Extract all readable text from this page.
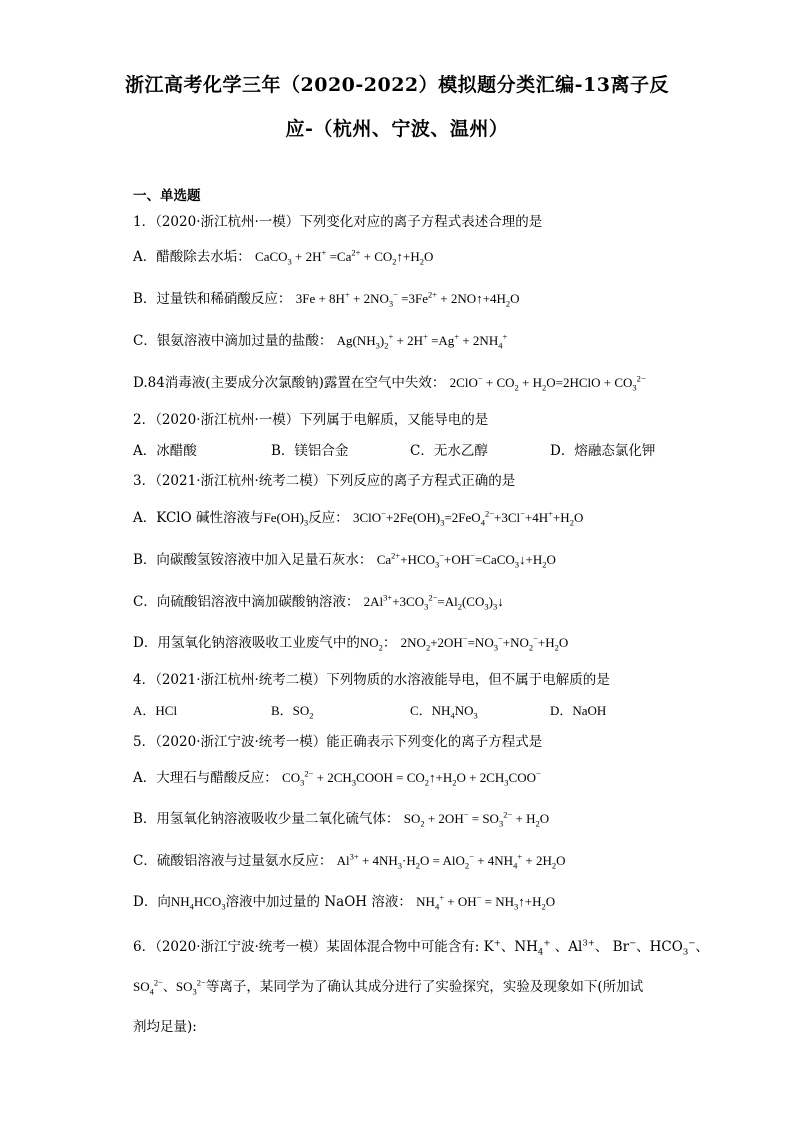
浙江高考化学三年（2020-2022）模拟题分类汇编-13离子反
应-（杭州、宁波、温州）
一、单选题
1．（2020·浙江杭州·一模）下列变化对应的离子方程式表述合理的是
A．醋酸除去水垢： CaCO$_3$ + $2H^+ =Ca^{2+}$ + $CO_2↑+H_2O$
B．过量铁和稀硝酸反应： $3Fe + 8H^+ + 2NO_3^- =3Fe^{2+}$ + $2NO↑+4H_2O$
C．银氨溶液中滴加过量的盐酸： $Ag(NH_3)_2^+ + 2H^+ =Ag^+ + 2NH_4^+$
D.84消毒液(主要成分次氯酸钠)露置在空气中失效： $2ClO^- + CO_2$ + $H_2O=2HClO + CO_3^{2-}$
2．（2020·浙江杭州·一模）下列属于电解质，又能导电的是
A．冰醋酸	B．镁铝合金	C．无水乙醇	D．熔融态氯化钾
3．（2021·浙江杭州·统考二模）下列反应的离子方程式正确的是
A．KClO 碱性溶液与$Fe(OH)_3$反应： $3ClO^-+2Fe(OH)_3=2FeO_4^{2-}+3Cl^-+4H^++H_2O$
B．向碳酸氢铵溶液中加入足量石灰水： $Ca^{2+}+HCO_3^-+OH^-=CaCO_3↓+H_2O$
C．向硫酸铝溶液中滴加碳酸钠溶液： $2Al^{3+}+3CO_3^{2-}=Al_2(CO_3)_3↓$
D．用氢氧化钠溶液吸收工业废气中的$NO_2$： $2NO_2+2OH^-=NO_3^-+NO_2^-+H_2O$
4．（2021·浙江杭州·统考二模）下列物质的水溶液能导电，但不属于电解质的是
A．HCl	B．$SO_2$	C．$NH_4NO_3$	D．NaOH
5．（2020·浙江宁波·统考一模）能正确表示下列变化的离子方程式是
A．大理石与醋酸反应： $CO_3^{2-}$ + $2CH_3COOH$ = $CO_2↑+H_2O + 2CH_3COO^-$
B．用氢氧化钠溶液吸收少量二氧化硫气体： $SO_2 + 2OH^- = SO_3^{2-} + H_2O$
C．硫酸铝溶液与过量氨水反应： $Al^{3+} + 4NH_3\cdot H_2O = AlO_2^- + 4NH_4^+ + 2H_2O$
D．向$NH_4HCO_3$溶液中加过量的 NaOH 溶液： $NH_4^+ + OH^-$ = $NH_3↑+H_2O$
6．（2020·浙江宁波·统考一模）某固体混合物中可能含有: K+、$NH_4^+$ 、$Al^{3+}$、 Br−、$HCO_3^-$、
$SO_4^{2-}$、$SO_3^{2-}$等离子，某同学为了确认其成分进行了实验探究，实验及现象如下(所加试
剂均足量):
